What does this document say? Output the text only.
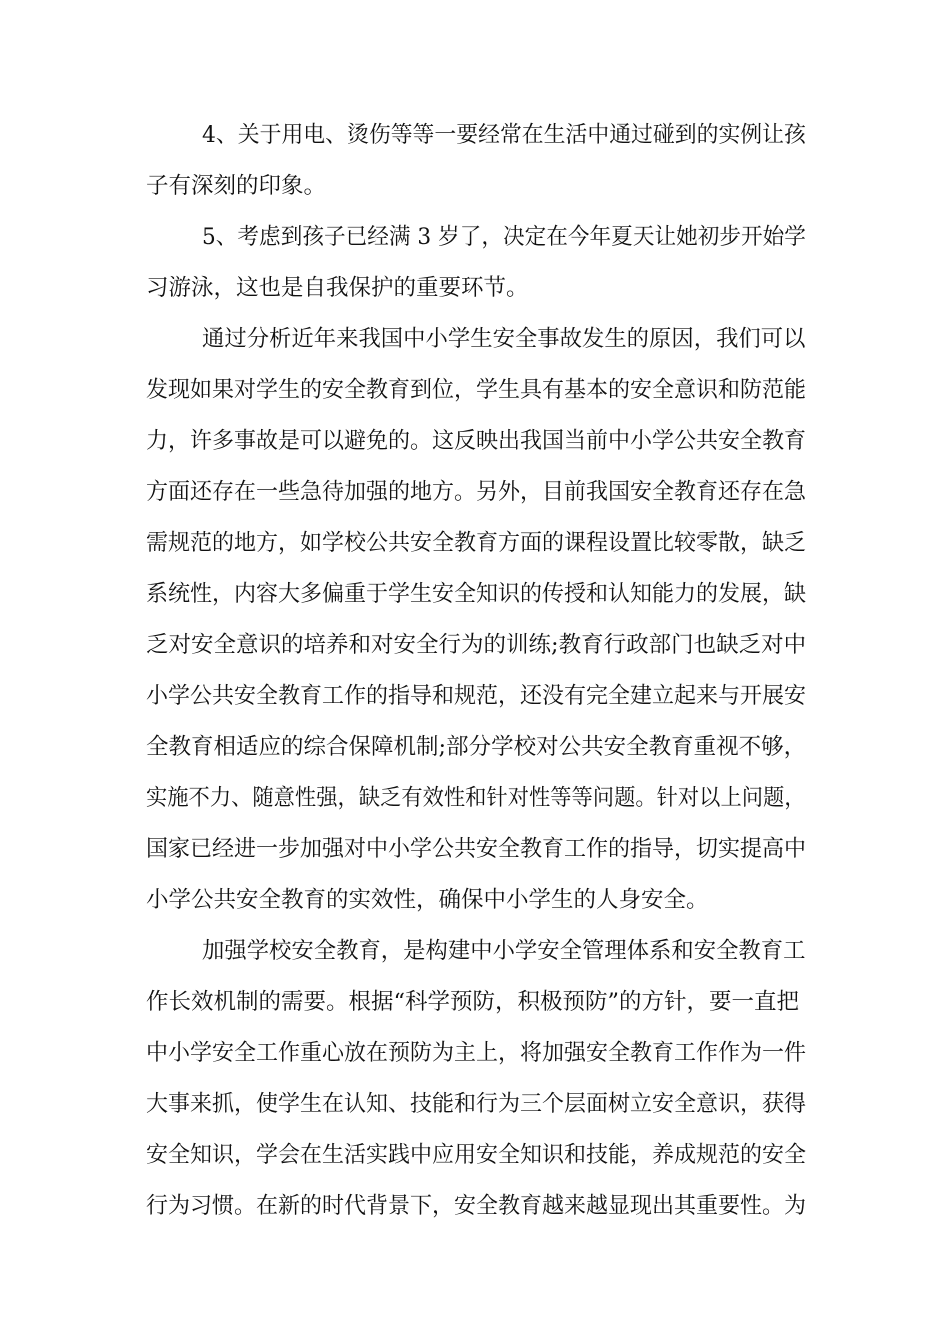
4、关于用电、烫伤等等一要经常在生活中通过碰到的实例让孩
子有深刻的印象。
5、考虑到孩子已经满 3 岁了，决定在今年夏天让她初步开始学
习游泳，这也是自我保护的重要环节。
通过分析近年来我国中小学生安全事故发生的原因，我们可以
发现如果对学生的安全教育到位，学生具有基本的安全意识和防范能
力，许多事故是可以避免的。这反映出我国当前中小学公共安全教育
方面还存在一些急待加强的地方。另外，目前我国安全教育还存在急
需规范的地方，如学校公共安全教育方面的课程设置比较零散，缺乏
系统性，内容大多偏重于学生安全知识的传授和认知能力的发展，缺
乏对安全意识的培养和对安全行为的训练;教育行政部门也缺乏对中
小学公共安全教育工作的指导和规范，还没有完全建立起来与开展安
全教育相适应的综合保障机制;部分学校对公共安全教育重视不够，
实施不力、随意性强，缺乏有效性和针对性等等问题。针对以上问题，
国家已经进一步加强对中小学公共安全教育工作的指导，切实提高中
小学公共安全教育的实效性，确保中小学生的人身安全。
加强学校安全教育，是构建中小学安全管理体系和安全教育工
作长效机制的需要。根据“科学预防，积极预防”的方针，要一直把
中小学安全工作重心放在预防为主上，将加强安全教育工作作为一件
大事来抓，使学生在认知、技能和行为三个层面树立安全意识，获得
安全知识，学会在生活实践中应用安全知识和技能，养成规范的安全
行为习惯。在新的时代背景下，安全教育越来越显现出其重要性。为
